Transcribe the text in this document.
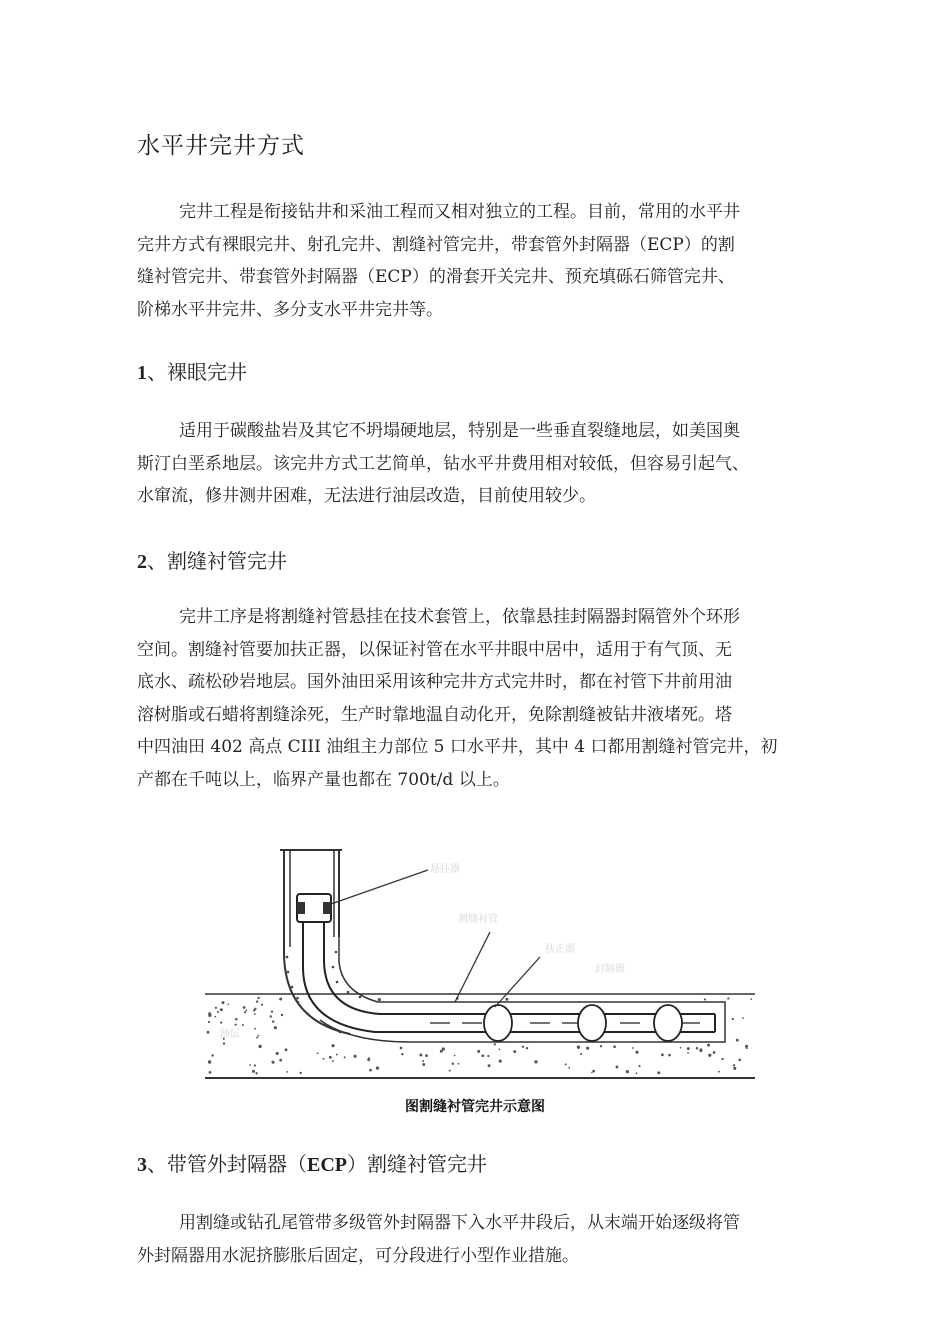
水平井完井方式
完井工程是衔接钻井和采油工程而又相对独立的工程。目前，常用的水平井
完井方式有裸眼完井、射孔完井、割缝衬管完井，带套管外封隔器（ECP）的割
缝衬管完井、带套管外封隔器（ECP）的滑套开关完井、预充填砾石筛管完井、
阶梯水平井完井、多分支水平井完井等。
1、裸眼完井
适用于碳酸盐岩及其它不坍塌硬地层，特别是一些垂直裂缝地层，如美国奥
斯汀白垩系地层。该完井方式工艺简单，钻水平井费用相对较低，但容易引起气、
水窜流，修井测井困难，无法进行油层改造，目前使用较少。
2、割缝衬管完井
完井工序是将割缝衬管悬挂在技术套管上，依靠悬挂封隔器封隔管外个环形
空间。割缝衬管要加扶正器，以保证衬管在水平井眼中居中，适用于有气顶、无
底水、疏松砂岩地层。国外油田采用该种完井方式完井时，都在衬管下井前用油
溶树脂或石蜡将割缝涂死，生产时靠地温自动化开，免除割缝被钻井液堵死。塔
中四油田 402 高点 CIII 油组主力部位 5 口水平井，其中 4 口都用割缝衬管完井，初
产都在千吨以上，临界产量也都在 700t/d 以上。
悬挂器
割缝衬管
扶正器
封隔器
油层
图割缝衬管完井示意图
3、带管外封隔器（ECP）割缝衬管完井
用割缝或钻孔尾管带多级管外封隔器下入水平井段后，从末端开始逐级将管
外封隔器用水泥挤膨胀后固定，可分段进行小型作业措施。
